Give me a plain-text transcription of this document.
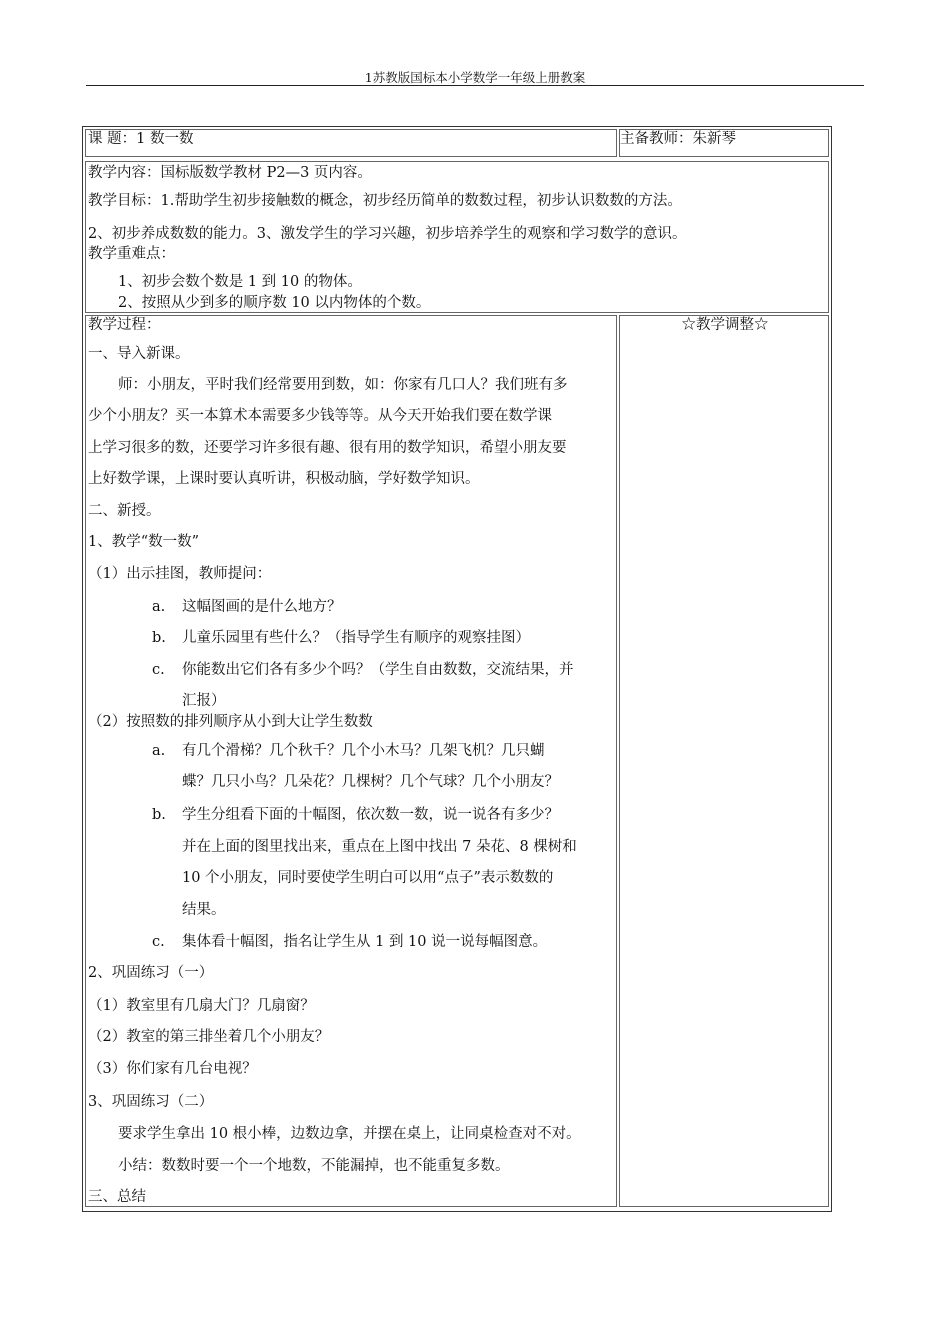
1苏教版国标本小学数学一年级上册教案
课 题：1 数一数	主备教师：朱新琴
教学内容：国标版数学教材 P2—3 页内容。
教学目标：1.帮助学生初步接触数的概念，初步经历简单的数数过程，初步认识数数的方法。
2、初步养成数数的能力。3、激发学生的学习兴趣，初步培养学生的观察和学习数学的意识。
教学重难点：
1、初步会数个数是 1 到 10 的物体。
2、按照从少到多的顺序数 10 以内物体的个数。
教学过程：	☆教学调整☆
一、导入新课。
师：小朋友，平时我们经常要用到数，如：你家有几口人？我们班有多
少个小朋友？买一本算术本需要多少钱等等。从今天开始我们要在数学课
上学习很多的数，还要学习许多很有趣、很有用的数学知识，希望小朋友要
上好数学课，上课时要认真听讲，积极动脑，学好数学知识。
二、新授。
1、教学“数一数”
（1）出示挂图，教师提问：
a. 这幅图画的是什么地方？
b. 儿童乐园里有些什么？（指导学生有顺序的观察挂图）
c. 你能数出它们各有多少个吗？（学生自由数数，交流结果，并
汇报）
（2）按照数的排列顺序从小到大让学生数数
a. 有几个滑梯？几个秋千？几个小木马？几架飞机？几只蝴
蝶？几只小鸟？几朵花？几棵树？几个气球？几个小朋友？
b. 学生分组看下面的十幅图，依次数一数，说一说各有多少？
并在上面的图里找出来，重点在上图中找出 7 朵花、8 棵树和
10 个小朋友，同时要使学生明白可以用“点子”表示数数的
结果。
c. 集体看十幅图，指名让学生从 1 到 10 说一说每幅图意。
2、巩固练习（一）
（1）教室里有几扇大门？几扇窗？
（2）教室的第三排坐着几个小朋友？
（3）你们家有几台电视？
3、巩固练习（二）
要求学生拿出 10 根小棒，边数边拿，并摆在桌上，让同桌检查对不对。
小结：数数时要一个一个地数，不能漏掉，也不能重复多数。
三、总结
